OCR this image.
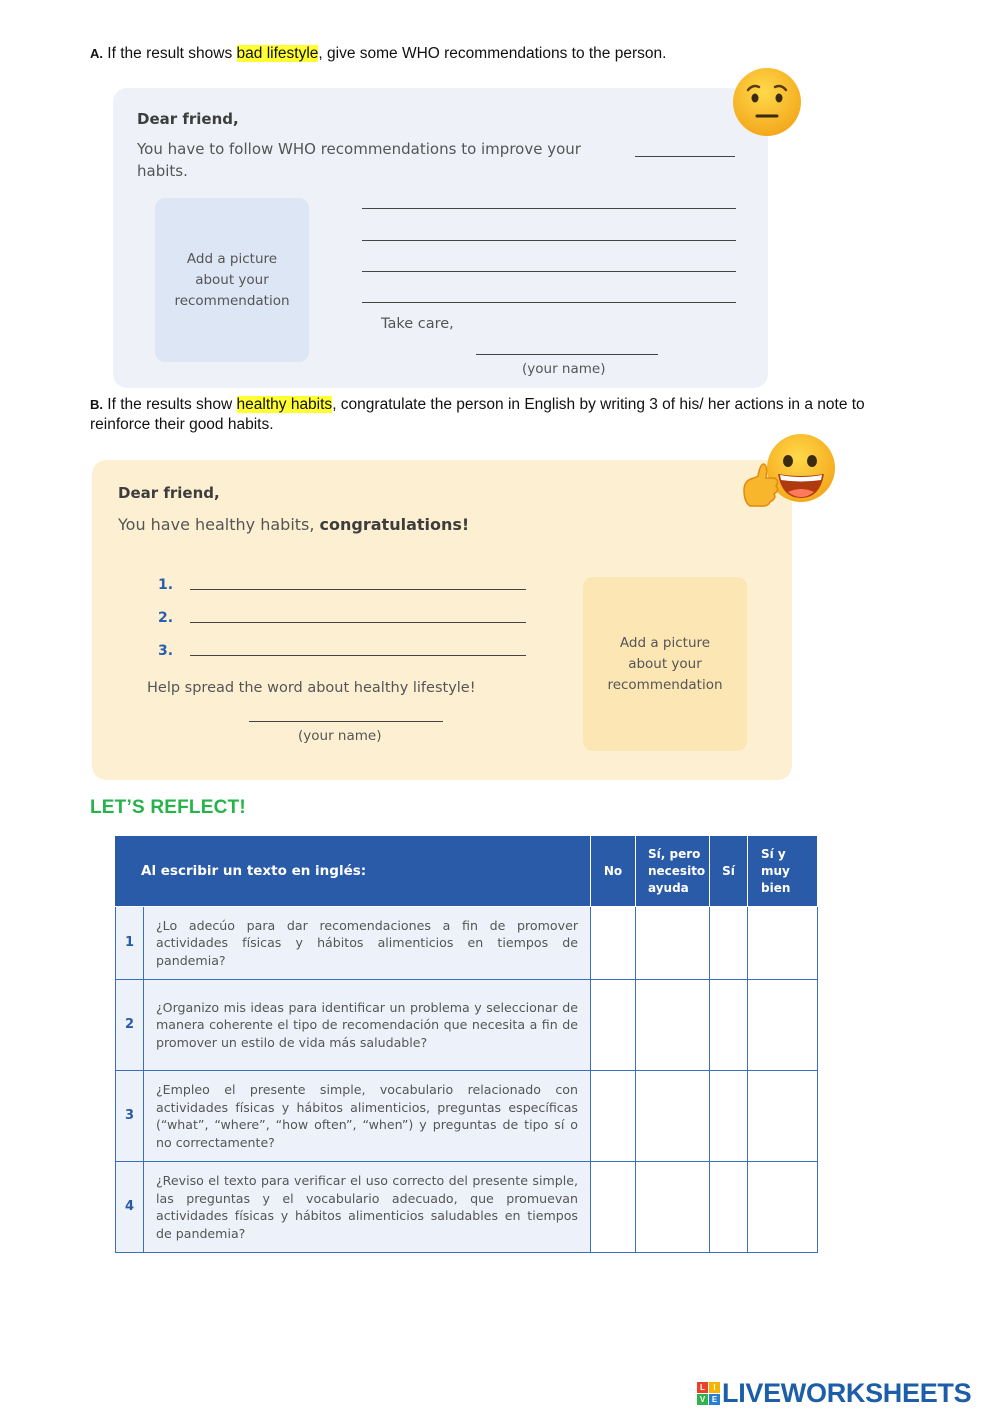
A. If the result shows bad lifestyle, give some WHO recommendations to the person.
Dear friend,
You have to follow WHO recommendations to improve your
habits.
Take care,
(your name)
Add a picture about your recommendation
B. If the results show healthy habits, congratulate the person in English by writing 3 of his/ her actions in a note to reinforce their good habits.
Dear friend,
You have healthy habits, congratulations!
1.
2.
3.
Help spread the word about healthy lifestyle!
(your name)
Add a picture about your recommendation
LET’S REFLECT!
Al escribir un texto en inglés:		No	Sí, pero necesito ayuda	Sí	Sí y muy bien
1	¿Lo adecúo para dar recomendaciones a fin de promover actividades físicas y hábitos alimenticios en tiempos de pandemia?				
2	¿Organizo mis ideas para identificar un problema y seleccionar de manera coherente el tipo de recomendación que necesita a fin de promover un estilo de vida más saludable?				
3	¿Empleo el presente simple, vocabulario relacionado con actividades físicas y hábitos alimenticios, preguntas específicas (“what”, “where”, “how often”, “when”) y preguntas de tipo sí o no correctamente?				
4	¿Reviso el texto para verificar el uso correcto del presente simple, las preguntas y el vocabulario adecuado, que promuevan actividades físicas y hábitos alimenticios saludables en tiempos de pandemia?				
L	I
V E LIVEWORKSHEETS
